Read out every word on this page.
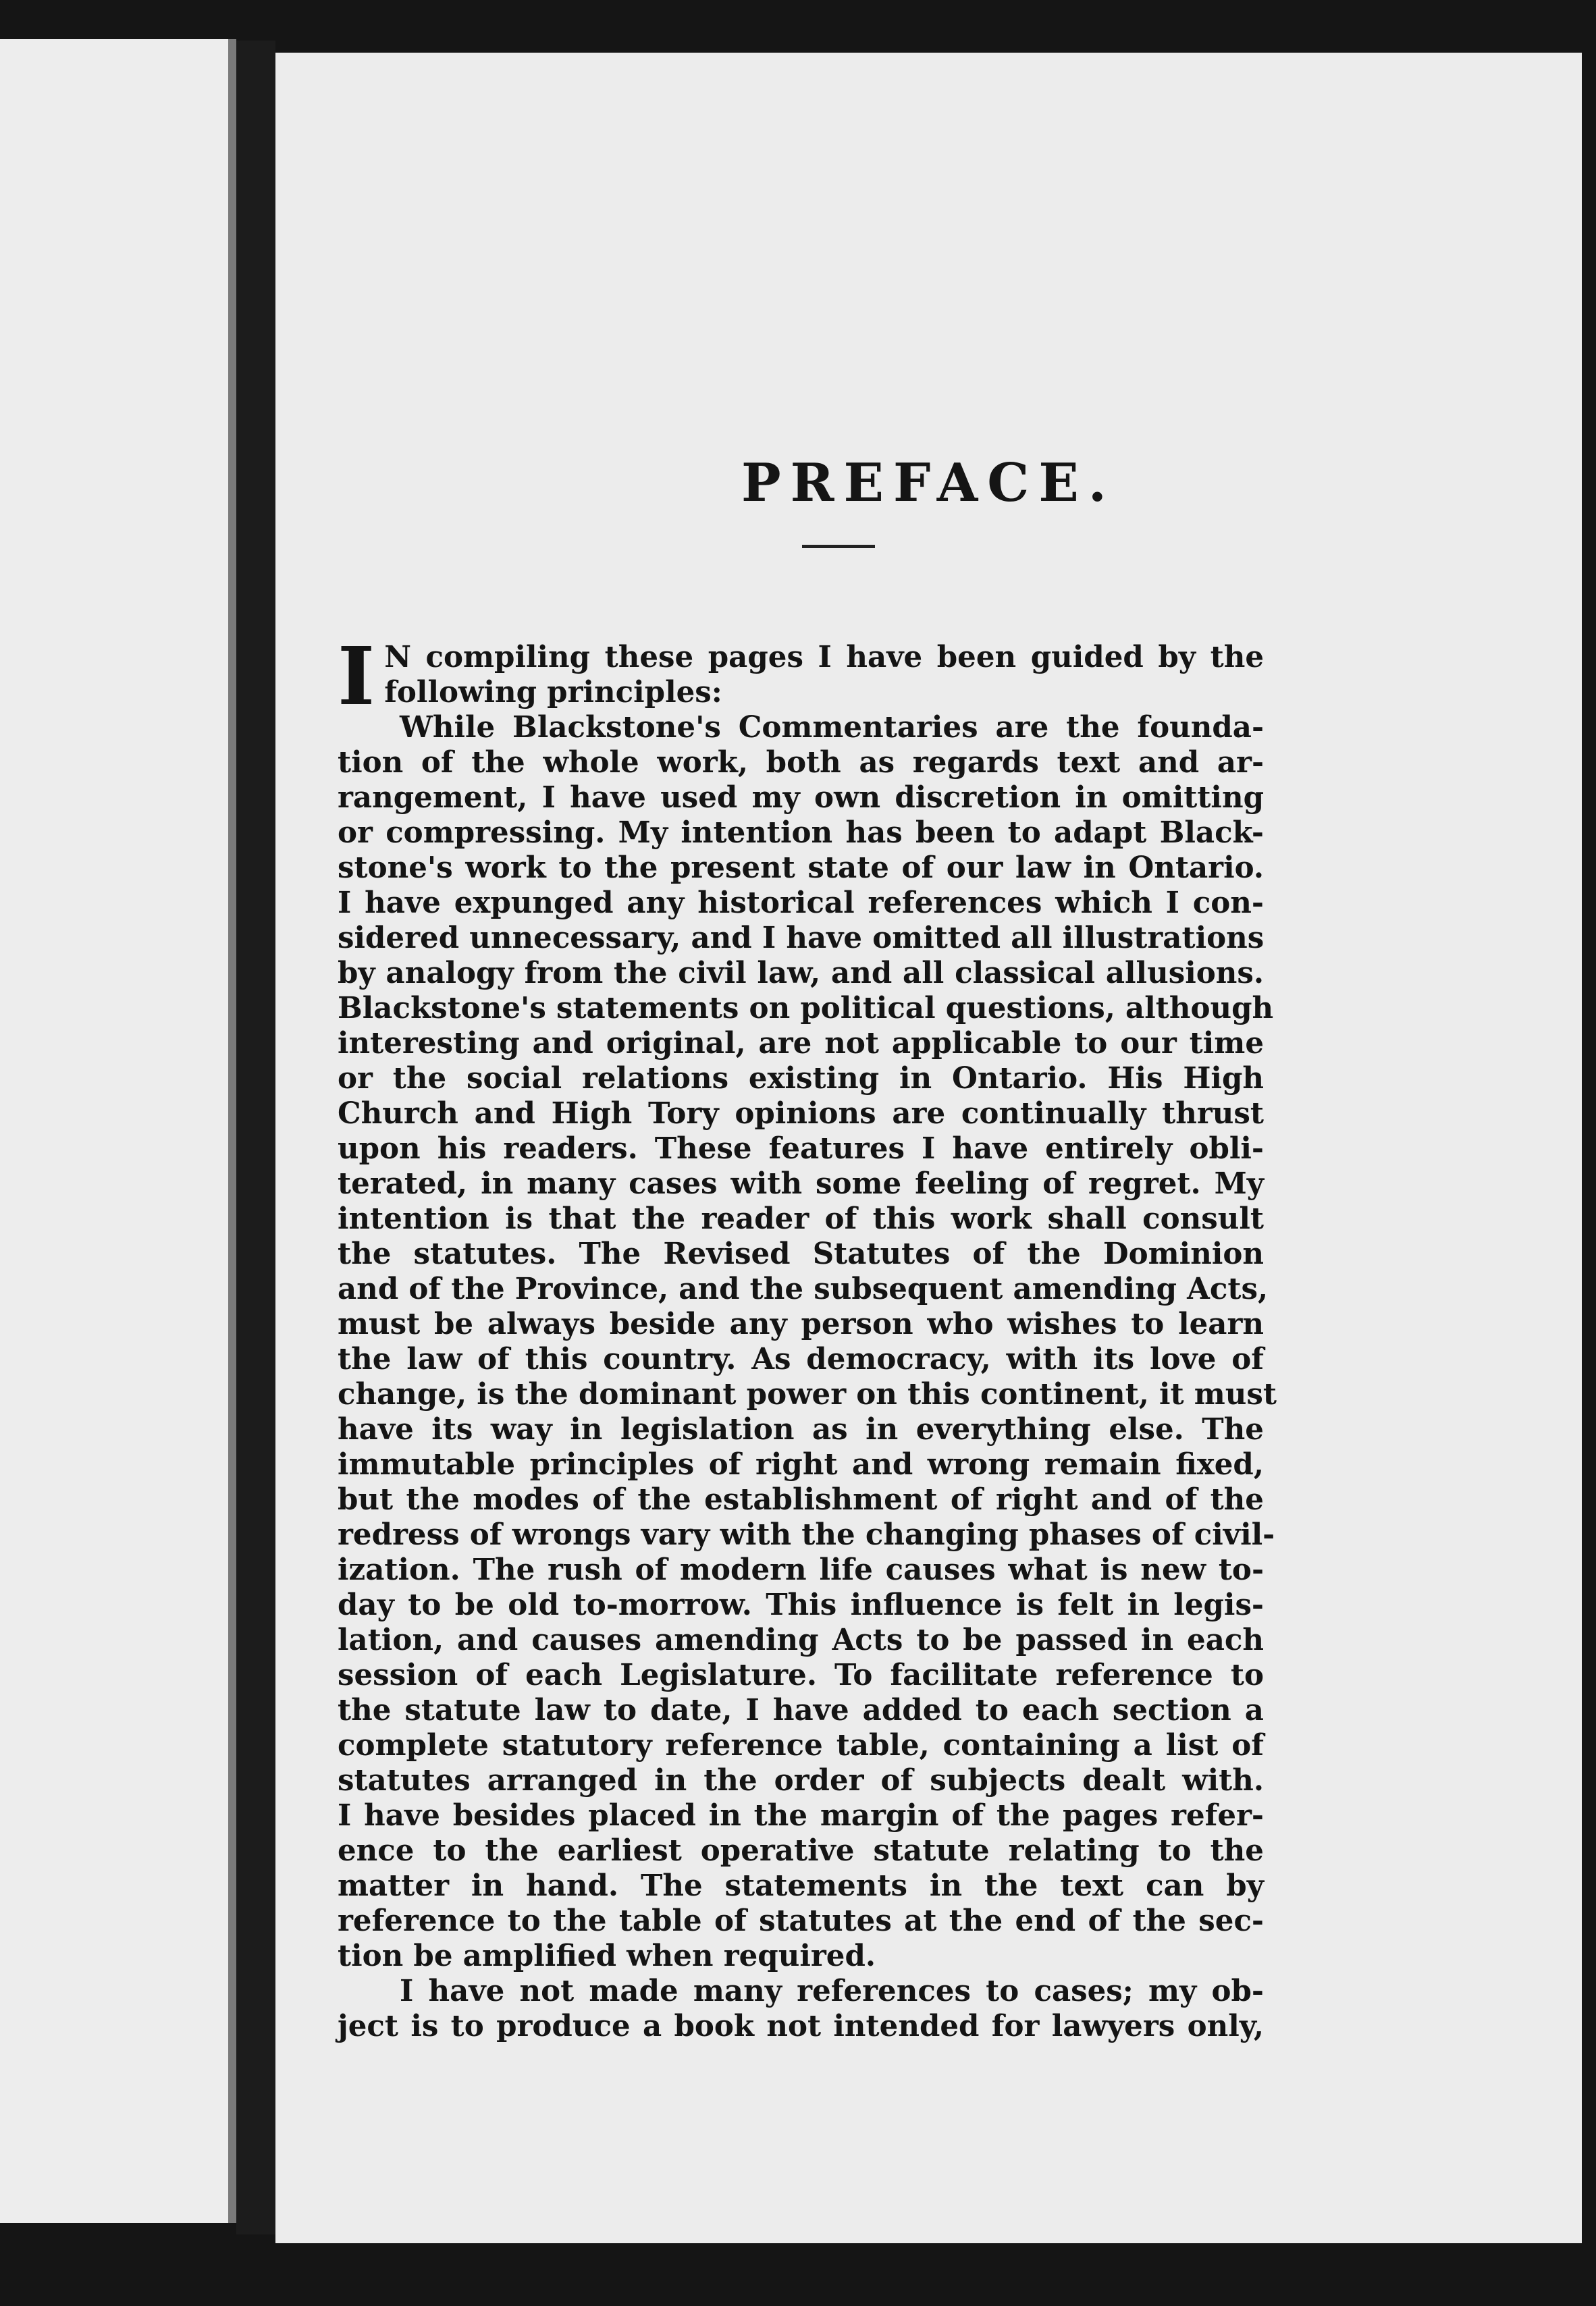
PREFACE.
I N compiling these pages I have been guided by the
following principles:
While Blackstone's Commentaries are the founda-
tion of the whole work, both as regards text and ar-
rangement, I have used my own discretion in omitting
or compressing. My intention has been to adapt Black-
stone's work to the present state of our law in Ontario.
I have expunged any historical references which I con-
sidered unnecessary, and I have omitted all illustrations
by analogy from the civil law, and all classical allusions.
Blackstone's statements on political questions, although
interesting and original, are not applicable to our time
or the social relations existing in Ontario. His High
Church and High Tory opinions are continually thrust
upon his readers. These features I have entirely obli-
terated, in many cases with some feeling of regret. My
intention is that the reader of this work shall consult
the statutes. The Revised Statutes of the Dominion
and of the Province, and the subsequent amending Acts,
must be always beside any person who wishes to learn
the law of this country. As democracy, with its love of
change, is the dominant power on this continent, it must
have its way in legislation as in everything else. The
immutable principles of right and wrong remain fixed,
but the modes of the establishment of right and of the
redress of wrongs vary with the changing phases of civil-
ization. The rush of modern life causes what is new to-
day to be old to-morrow. This influence is felt in legis-
lation, and causes amending Acts to be passed in each
session of each Legislature. To facilitate reference to
the statute law to date, I have added to each section a
complete statutory reference table, containing a list of
statutes arranged in the order of subjects dealt with.
I have besides placed in the margin of the pages refer-
ence to the earliest operative statute relating to the
matter in hand. The statements in the text can by
reference to the table of statutes at the end of the sec-
tion be amplified when required.
I have not made many references to cases; my ob-
ject is to produce a book not intended for lawyers only,
